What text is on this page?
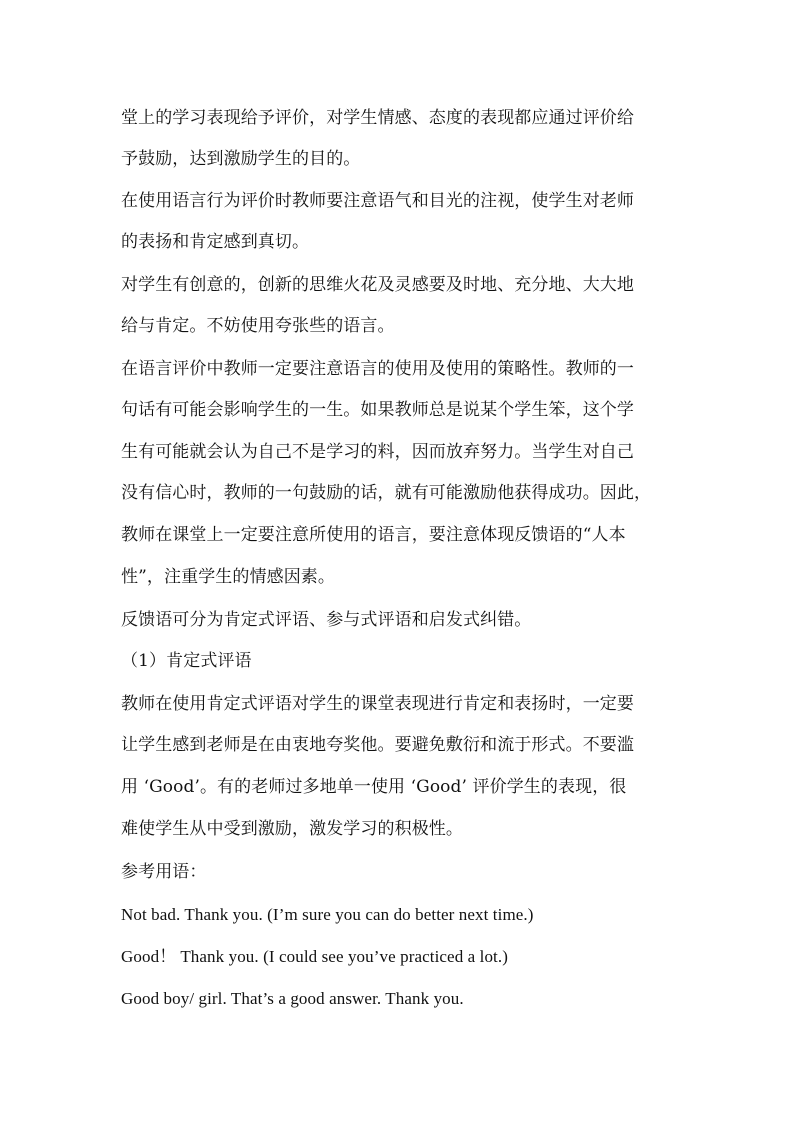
堂上的学习表现给予评价，对学生情感、态度的表现都应通过评价给
予鼓励，达到激励学生的目的。
在使用语言行为评价时教师要注意语气和目光的注视，使学生对老师
的表扬和肯定感到真切。
对学生有创意的，创新的思维火花及灵感要及时地、充分地、大大地
给与肯定。不妨使用夸张些的语言。
在语言评价中教师一定要注意语言的使用及使用的策略性。教师的一
句话有可能会影响学生的一生。如果教师总是说某个学生笨，这个学
生有可能就会认为自己不是学习的料，因而放弃努力。当学生对自己
没有信心时，教师的一句鼓励的话，就有可能激励他获得成功。因此，
教师在课堂上一定要注意所使用的语言，要注意体现反馈语的“人本
性”，注重学生的情感因素。
反馈语可分为肯定式评语、参与式评语和启发式纠错。
（1）肯定式评语
教师在使用肯定式评语对学生的课堂表现进行肯定和表扬时，一定要
让学生感到老师是在由衷地夸奖他。要避免敷衍和流于形式。不要滥
用 ‘Good’。有的老师过多地单一使用 ‘Good’ 评价学生的表现，很
难使学生从中受到激励，激发学习的积极性。
参考用语：
Not bad. Thank you. (I’m sure you can do better next time.)
Good！ Thank you. (I could see you’ve practiced a lot.)
Good boy/ girl. That’s a good answer. Thank you.
